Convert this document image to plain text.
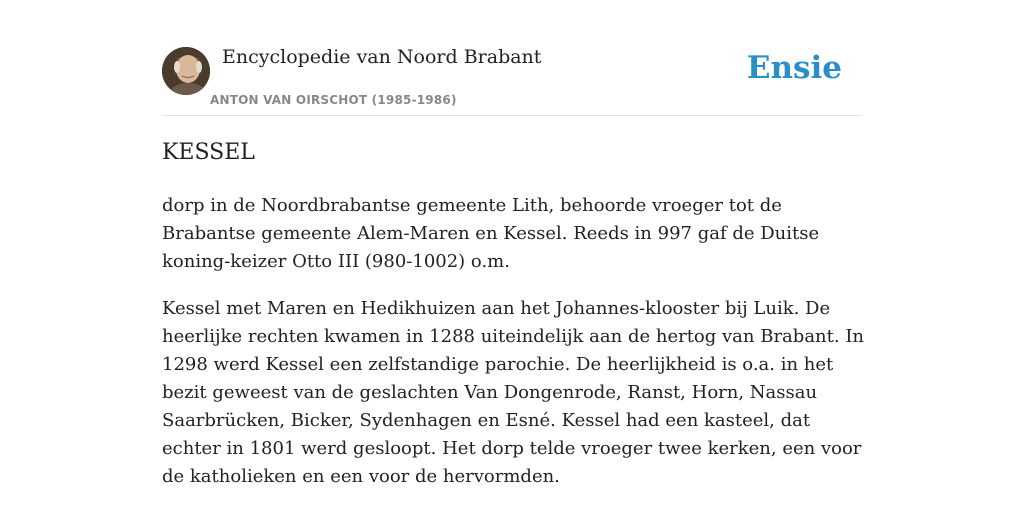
Encyclopedie van Noord Brabant
ANTON VAN OIRSCHOT (1985-1986)
Ensie
KESSEL

dorp in de Noordbrabantse gemeente Lith, behoorde vroeger tot de Brabantse gemeente Alem-Maren en Kessel. Reeds in 997 gaf de Duitse koning-keizer Otto III (980-1002) o.m.

Kessel met Maren en Hedikhuizen aan het Johannes-klooster bij Luik. De heerlijke rechten kwamen in 1288 uiteindelijk aan de hertog van Brabant. In 1298 werd Kessel een zelfstandige parochie. De heerlijkheid is o.a. in het bezit geweest van de geslachten Van Dongenrode, Ranst, Horn, Nassau Saarbrücken, Bicker, Sydenhagen en Esné. Kessel had een kasteel, dat echter in 1801 werd gesloopt. Het dorp telde vroeger twee kerken, een voor de katholieken en een voor de hervormden.
